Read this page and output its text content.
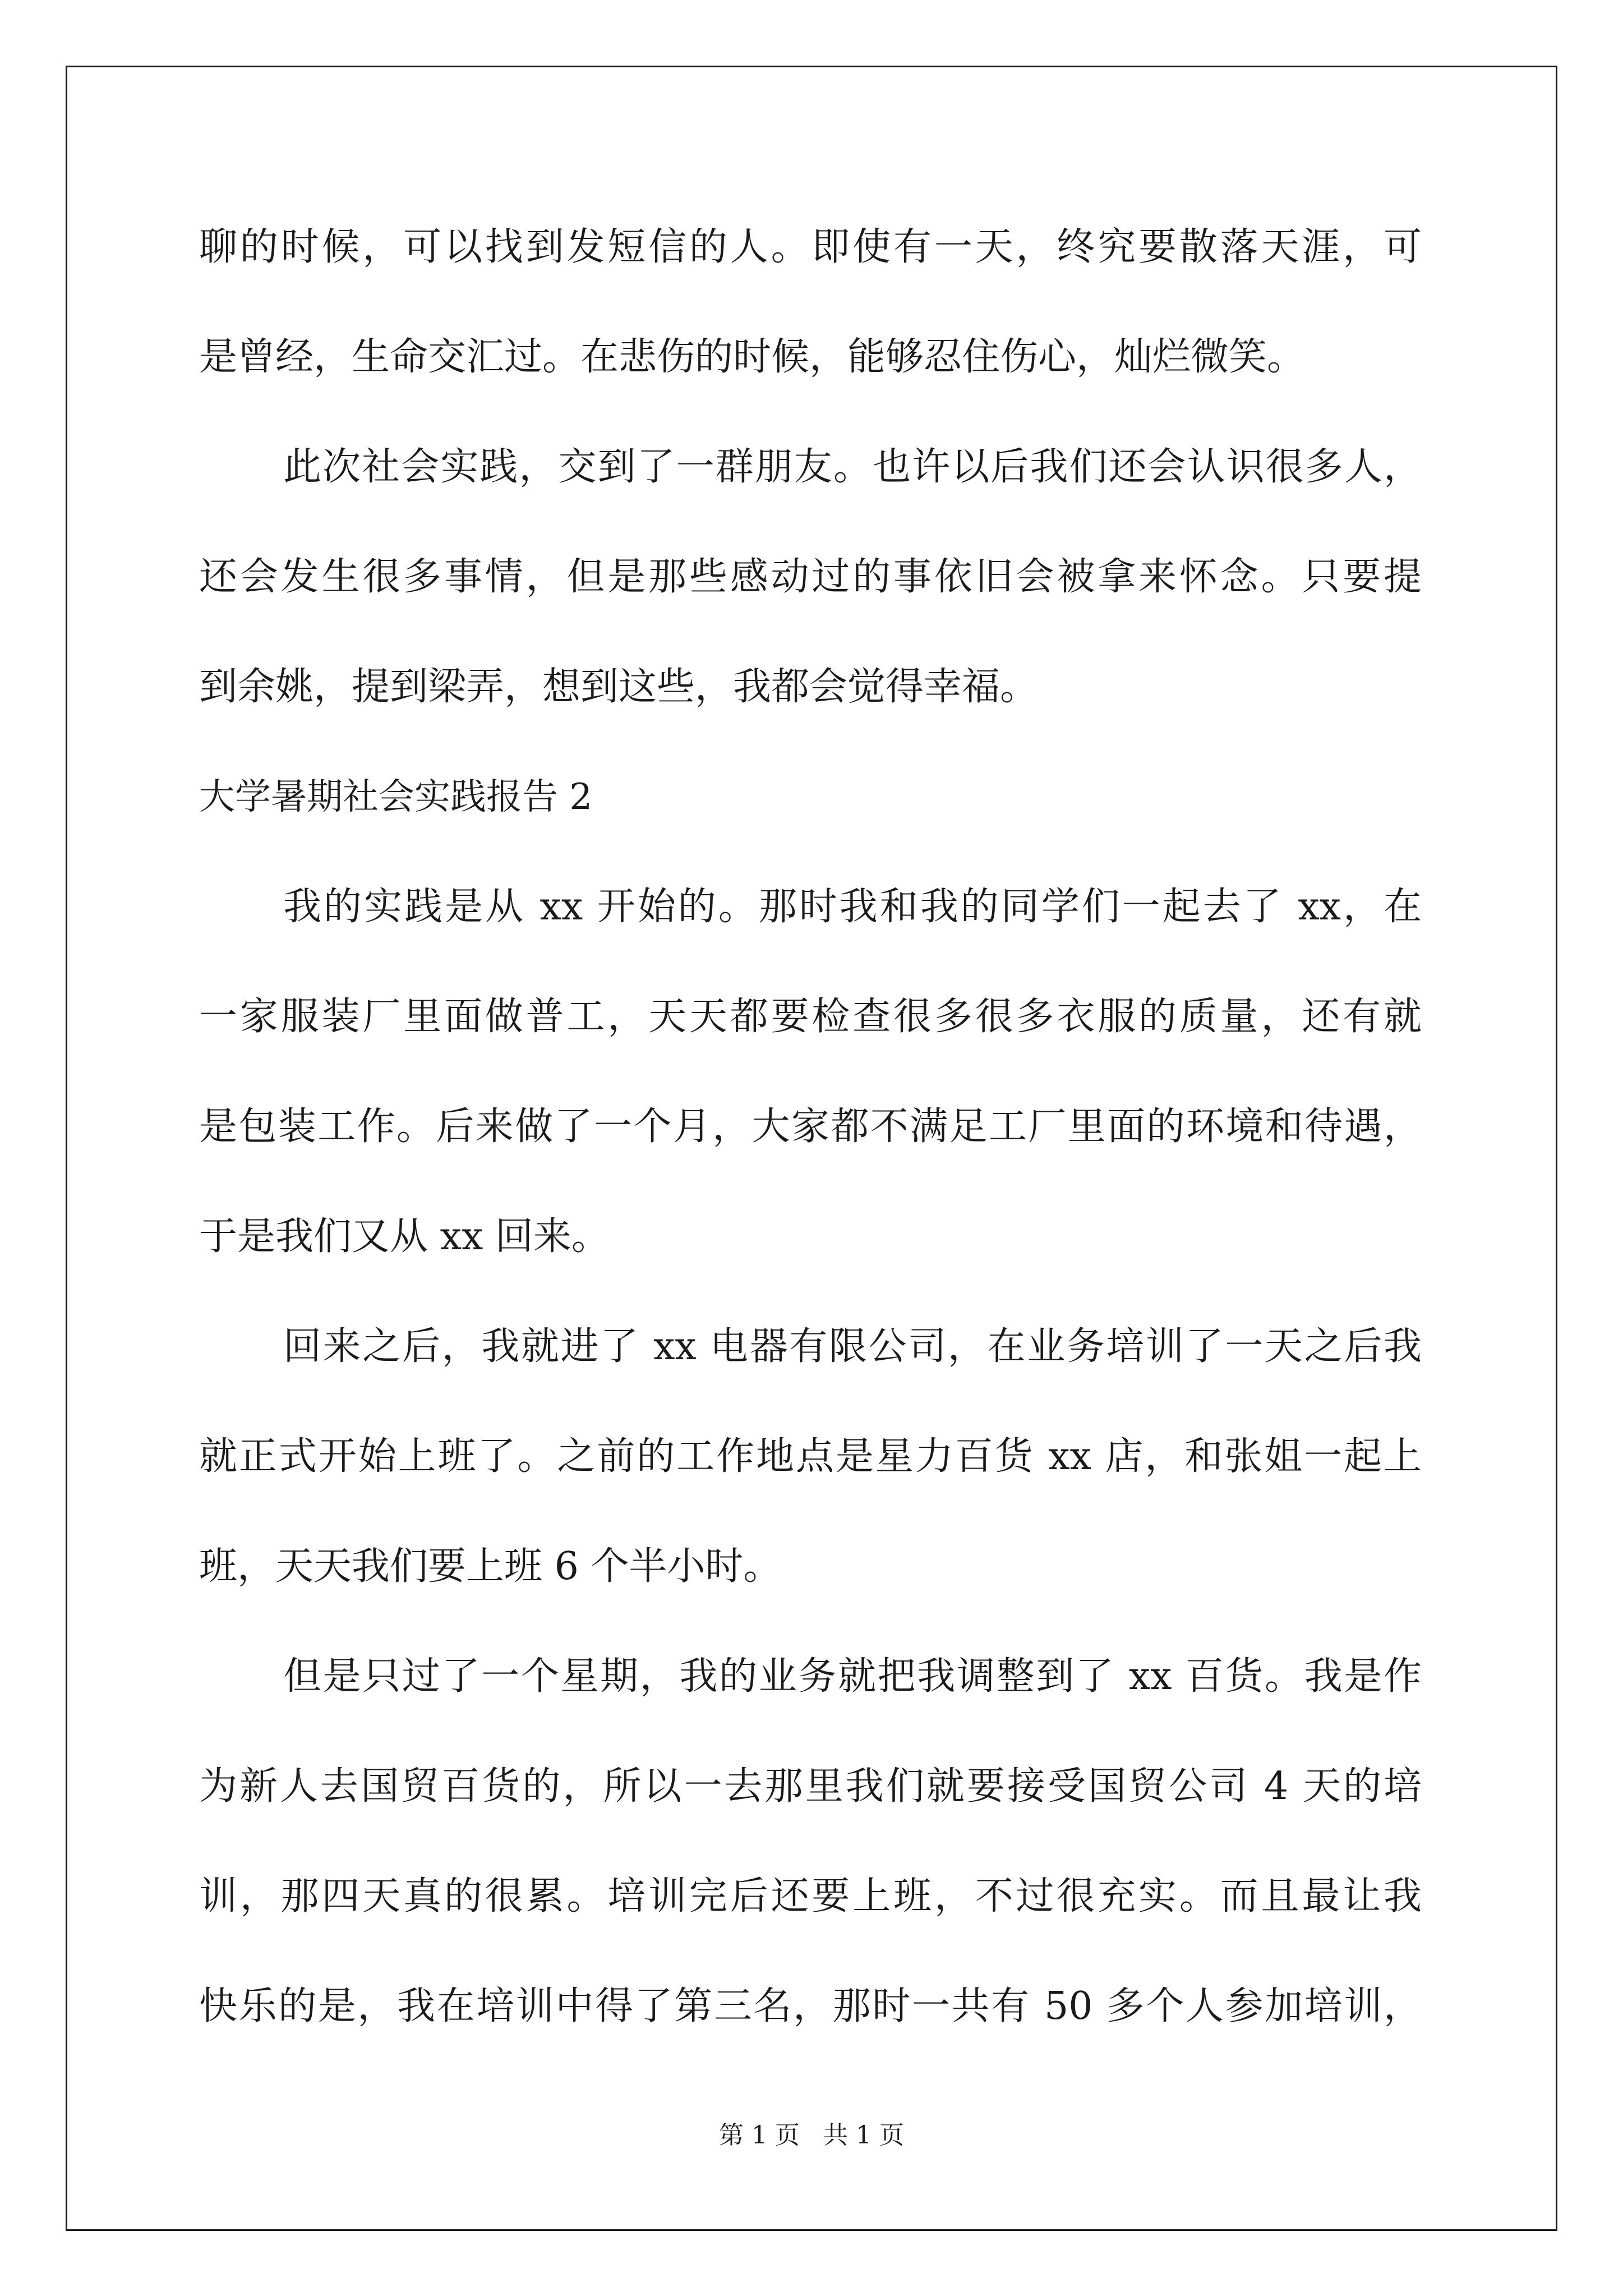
聊的时候，可以找到发短信的人。即使有一天，终究要散落天涯，可
是曾经，生命交汇过。在悲伤的时候，能够忍住伤心，灿烂微笑。
此次社会实践，交到了一群朋友。也许以后我们还会认识很多人，
还会发生很多事情，但是那些感动过的事依旧会被拿来怀念。只要提
到余姚，提到梁弄，想到这些，我都会觉得幸福。
大学暑期社会实践报告 2
我的实践是从 xx 开始的。那时我和我的同学们一起去了 xx，在
一家服装厂里面做普工，天天都要检查很多很多衣服的质量，还有就
是包装工作。后来做了一个月，大家都不满足工厂里面的环境和待遇，
于是我们又从 xx 回来。
回来之后，我就进了 xx 电器有限公司，在业务培训了一天之后我
就正式开始上班了。之前的工作地点是星力百货 xx 店，和张姐一起上
班，天天我们要上班 6 个半小时。
但是只过了一个星期，我的业务就把我调整到了 xx 百货。我是作
为新人去国贸百货的，所以一去那里我们就要接受国贸公司 4 天的培
训，那四天真的很累。培训完后还要上班，不过很充实。而且最让我
快乐的是，我在培训中得了第三名，那时一共有 50 多个人参加培训，
第 1 页   共 1 页
